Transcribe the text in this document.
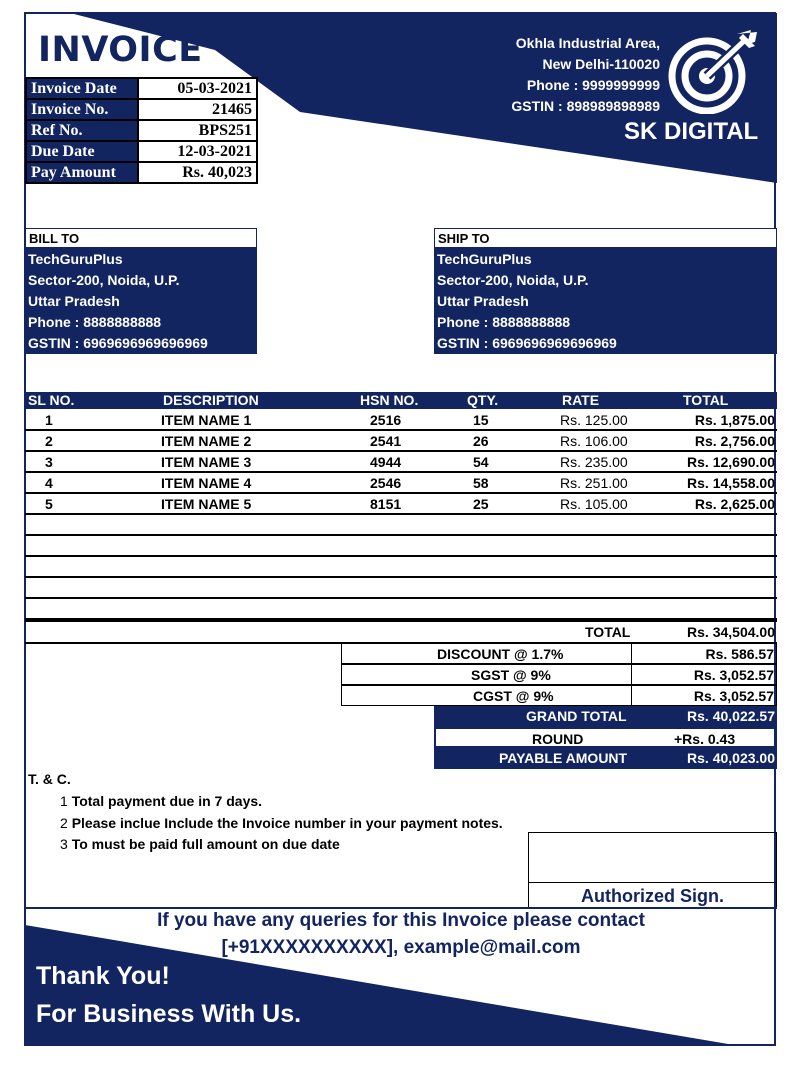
INVOICE
Invoice Date	05-03-2021
Invoice No.	21465
Ref No.	BPS251
Due Date	12-03-2021
Pay Amount	Rs. 40,023
Okhla Industrial Area,
New Delhi-110020
Phone : 9999999999
GSTIN : 898989898989
SK DIGITAL
BILL TO
TechGuruPlus
Sector-200, Noida, U.P.
Uttar Pradesh
Phone : 8888888888
GSTIN : 6969696969696969
SHIP TO
TechGuruPlus
Sector-200, Noida, U.P.
Uttar Pradesh
Phone : 8888888888
GSTIN : 6969696969696969
SL NO.	DESCRIPTION	HSN NO.	QTY.	RATE	TOTAL
1	ITEM NAME 1	2516	15	Rs. 125.00	Rs. 1,875.00
2	ITEM NAME 2	2541	26	Rs. 106.00	Rs. 2,756.00
3	ITEM NAME 3	4944	54	Rs. 235.00	Rs. 12,690.00
4	ITEM NAME 4	2546	58	Rs. 251.00	Rs. 14,558.00
5	ITEM NAME 5	8151	25	Rs. 105.00	Rs. 2,625.00
TOTAL	Rs. 34,504.00
DISCOUNT @ 1.7%	Rs. 586.57
SGST @ 9%	Rs. 3,052.57
CGST @ 9%	Rs. 3,052.57
GRAND TOTAL	Rs. 40,022.57
ROUND	+Rs. 0.43
PAYABLE AMOUNT	Rs. 40,023.00
T. & C.
1 Total payment due in 7 days.
2 Please inclue Include the Invoice number in your payment notes.
3 To must be paid full amount on due date
Authorized Sign.
If you have any queries for this Invoice please contact
[+91XXXXXXXXXX], example@mail.com
Thank You!
For Business With Us.
